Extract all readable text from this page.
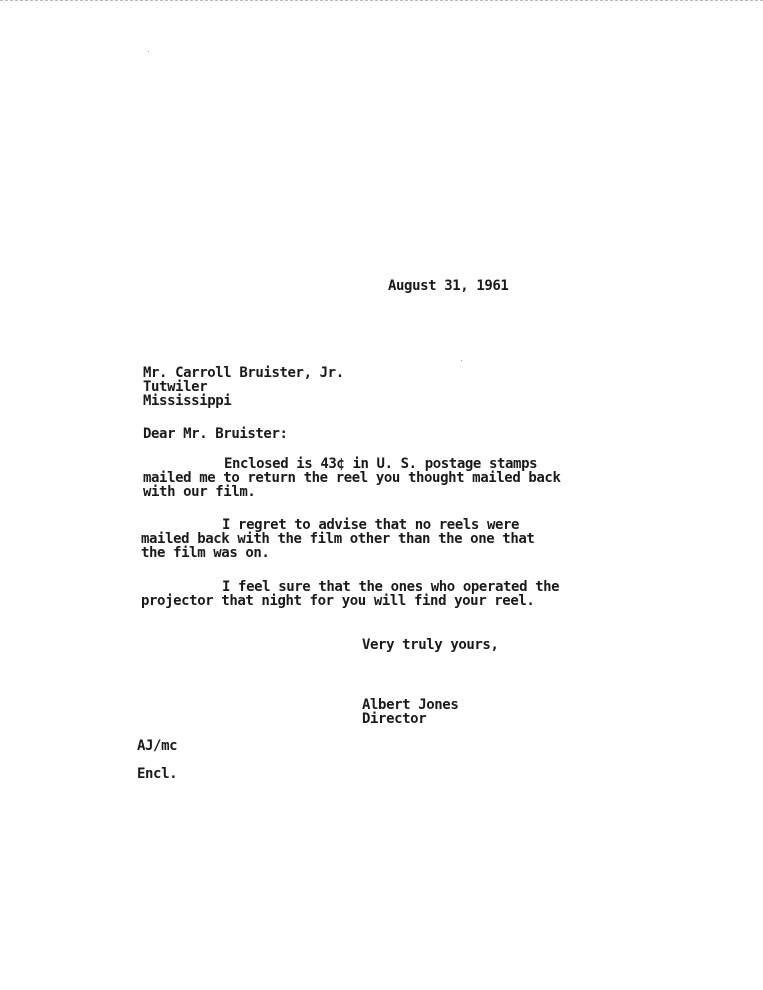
August 31, 1961
Mr. Carroll Bruister, Jr.
Tutwiler
Mississippi
Dear Mr. Bruister:
Enclosed is 43¢ in U. S. postage stamps
mailed me to return the reel you thought mailed back
with our film.
I regret to advise that no reels were
mailed back with the film other than the one that
the film was on.
I feel sure that the ones who operated the
projector that night for you will find your reel.
Very truly yours,
Albert Jones
Director
AJ/mc
Encl.
